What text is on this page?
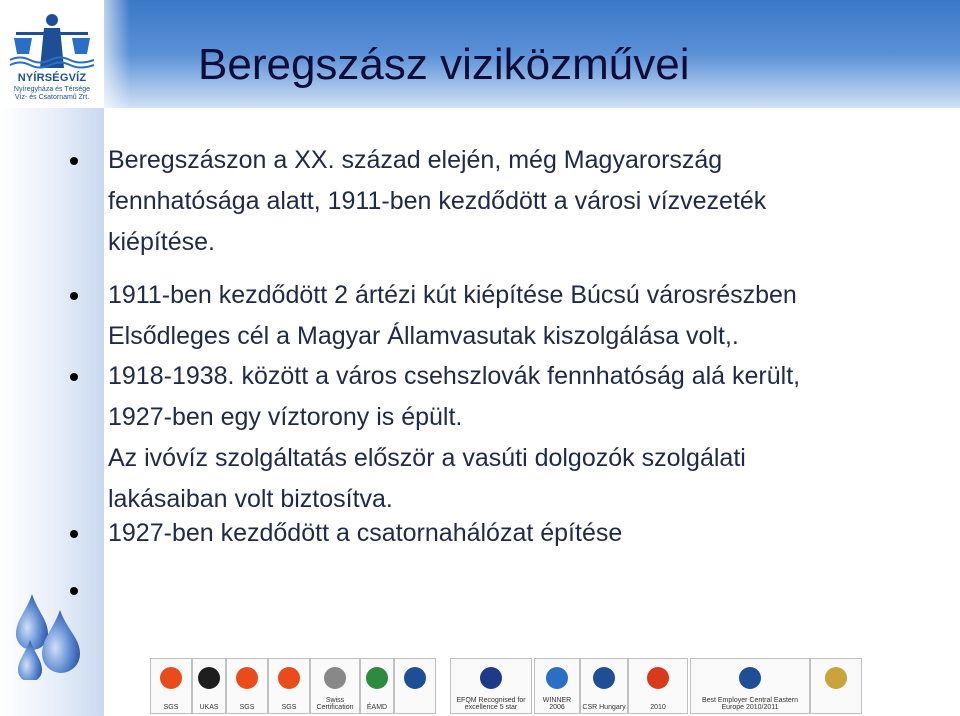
NYÍRSÉGVÍZ
Nyíregyháza és Térsége
Víz- és Csatornamű Zrt.
Beregszász viziközművei
Beregszászon a XX. század elején, még Magyarország
fennhatósága alatt, 1911-ben kezdődött a városi vízvezeték
kiépítése.
1911-ben kezdődött 2 ártézi kút kiépítése Búcsú városrészben
Elsődleges cél a Magyar Államvasutak kiszolgálása volt,.
1918-1938. között a város csehszlovák fennhatóság alá került,
1927-ben egy víztorony is épült.
Az ivóvíz szolgáltatás először a vasúti dolgozók szolgálati
lakásaiban volt biztosítva.
1927-ben kezdődött a csatornahálózat építése
SGS	UKAS	SGS	SGS
Swiss Certification	ÉAMD
EFQM Recognised for excellence 5 star
WINNER 2006	CSR Hungary	2010
Best Employer Central Eastern Europe 2010/2011
